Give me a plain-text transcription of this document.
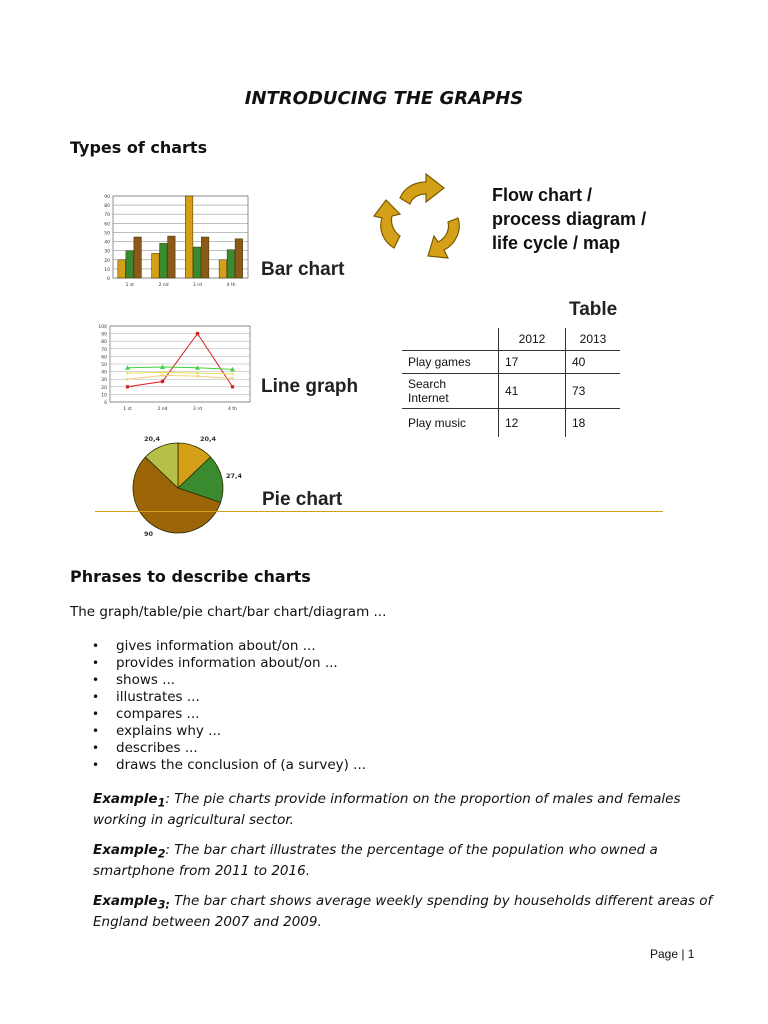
INTRODUCING THE GRAPHS
Types of charts
0
10
20
30
40
50
60
70
80
90
1 st	2 nd	3 rd	4 th
Bar chart
0
10
20
30
40
50
60
70
80
90
100
1 st	2 nd	3 rd	4 th
Line graph
20,4
27,4
90
20,4
Pie chart
Flow chart /
process diagram /
life cycle / map
Table
	2012	2013
Play games	17	40
Search
Internet	41	73
Play music	12	18
Phrases to describe charts
The graph/table/pie chart/bar chart/diagram ...
• gives information about/on ...
• provides information about/on ...
• shows ...
• illustrates ...
• compares ...
• explains why ...
• describes ...
• draws the conclusion of (a survey) ...
Example$_1$: The pie charts provide information on the proportion of males and females working in agricultural sector.
Example$_2$: The bar chart illustrates the percentage of the population who owned a smartphone from 2011 to 2016.
Example$_{3:}$ The bar chart shows average weekly spending by households different areas of England between 2007 and 2009.
Page | 1
